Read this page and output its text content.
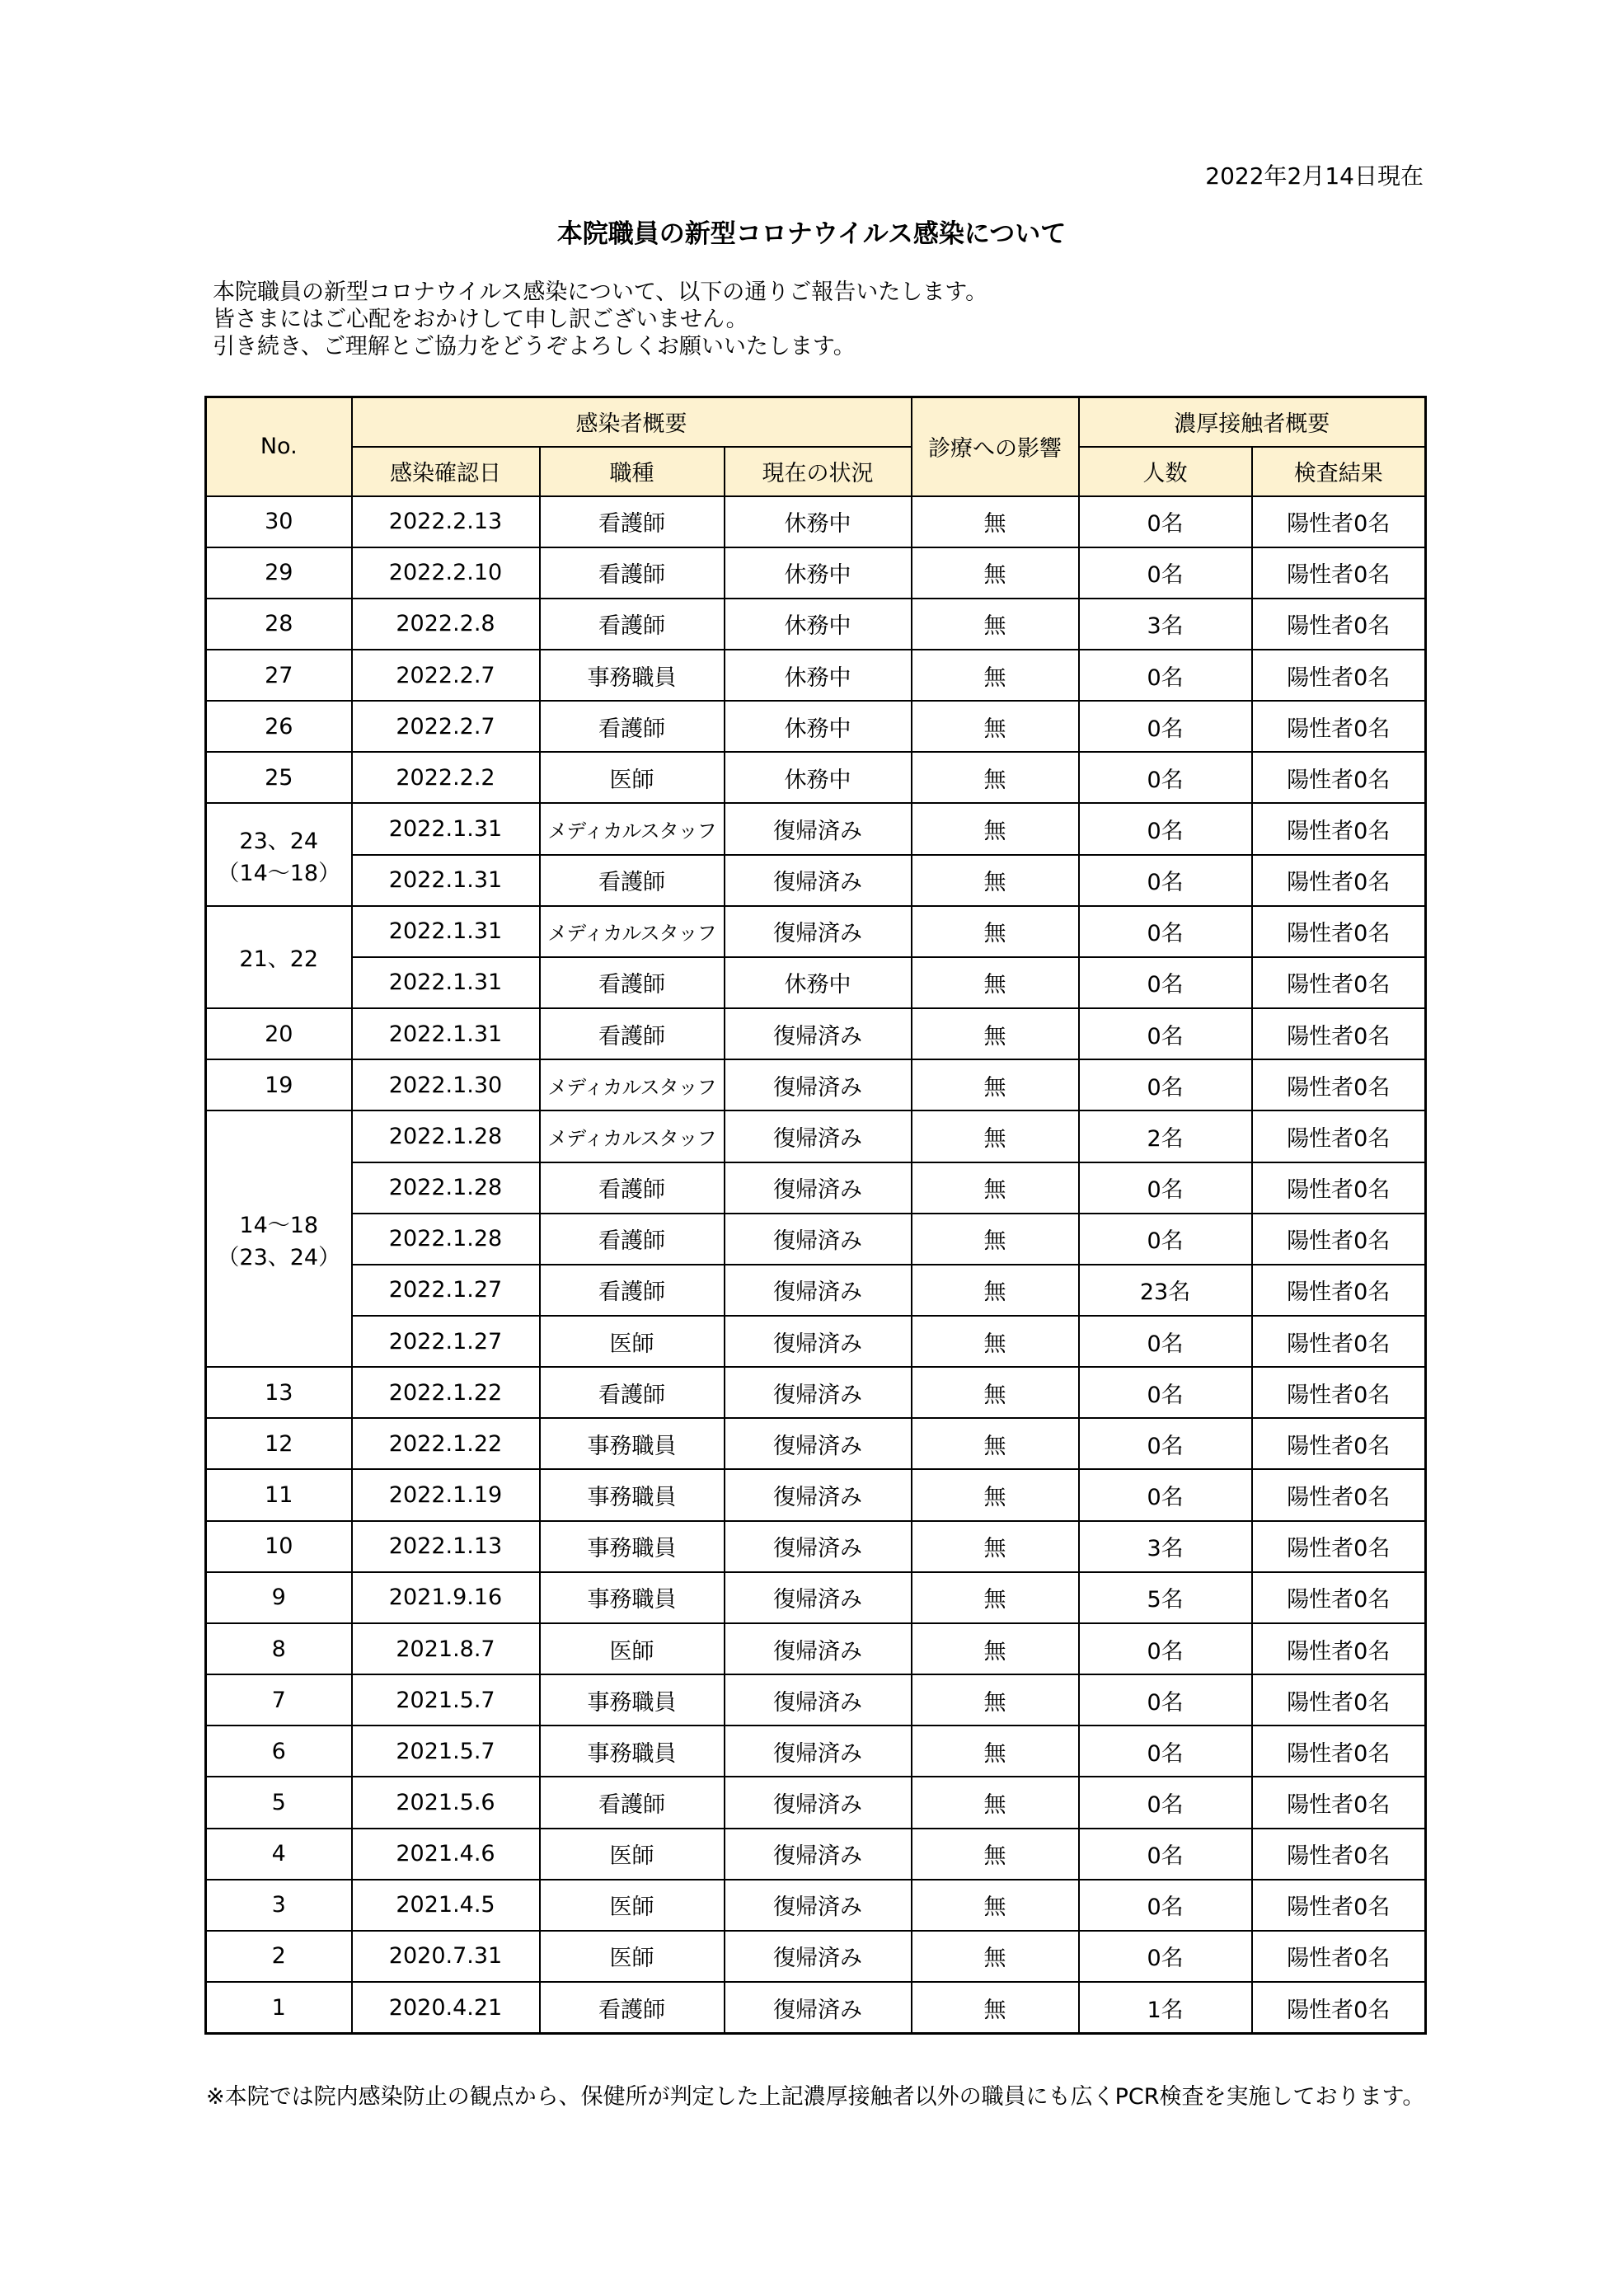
2022年2月14日現在
本院職員の新型コロナウイルス感染について
本院職員の新型コロナウイルス感染について、以下の通りご報告いたします。
皆さまにはご心配をおかけして申し訳ございません。
引き続き、ご理解とご協力をどうぞよろしくお願いいたします。
No.	感染者概要			診療への影響	濃厚接触者概要	
	感染確認日	職種	現在の状況		人数	検査結果

30	2022.2.13	看護師	休務中	無	0名	陽性者0名

29	2022.2.10	看護師	休務中	無	0名	陽性者0名

28	2022.2.8	看護師	休務中	無	3名	陽性者0名

27	2022.2.7	事務職員	休務中	無	0名	陽性者0名

26	2022.2.7	看護師	休務中	無	0名	陽性者0名

25	2022.2.2	医師	休務中	無	0名	陽性者0名

23、24
（14～18）	2022.1.31	メディカルスタッフ	復帰済み	無	0名	陽性者0名
	2022.1.31	看護師	復帰済み	無	0名	陽性者0名

21、22	2022.1.31	メディカルスタッフ	復帰済み	無	0名	陽性者0名
	2022.1.31	看護師	休務中	無	0名	陽性者0名

20	2022.1.31	看護師	復帰済み	無	0名	陽性者0名

19	2022.1.30	メディカルスタッフ	復帰済み	無	0名	陽性者0名

14～18
（23、24）	2022.1.28	メディカルスタッフ	復帰済み	無	2名	陽性者0名
	2022.1.28	看護師	復帰済み	無	0名	陽性者0名
	2022.1.28	看護師	復帰済み	無	0名	陽性者0名
	2022.1.27	看護師	復帰済み	無	23名	陽性者0名
	2022.1.27	医師	復帰済み	無	0名	陽性者0名

13	2022.1.22	看護師	復帰済み	無	0名	陽性者0名

12	2022.1.22	事務職員	復帰済み	無	0名	陽性者0名

11	2022.1.19	事務職員	復帰済み	無	0名	陽性者0名

10	2022.1.13	事務職員	復帰済み	無	3名	陽性者0名

9	2021.9.16	事務職員	復帰済み	無	5名	陽性者0名

8	2021.8.7	医師	復帰済み	無	0名	陽性者0名

7	2021.5.7	事務職員	復帰済み	無	0名	陽性者0名

6	2021.5.7	事務職員	復帰済み	無	0名	陽性者0名

5	2021.5.6	看護師	復帰済み	無	0名	陽性者0名

4	2021.4.6	医師	復帰済み	無	0名	陽性者0名

3	2021.4.5	医師	復帰済み	無	0名	陽性者0名

2	2020.7.31	医師	復帰済み	無	0名	陽性者0名

1	2020.4.21	看護師	復帰済み	無	1名	陽性者0名
※本院では院内感染防止の観点から、保健所が判定した上記濃厚接触者以外の職員にも広くPCR検査を実施しております。
